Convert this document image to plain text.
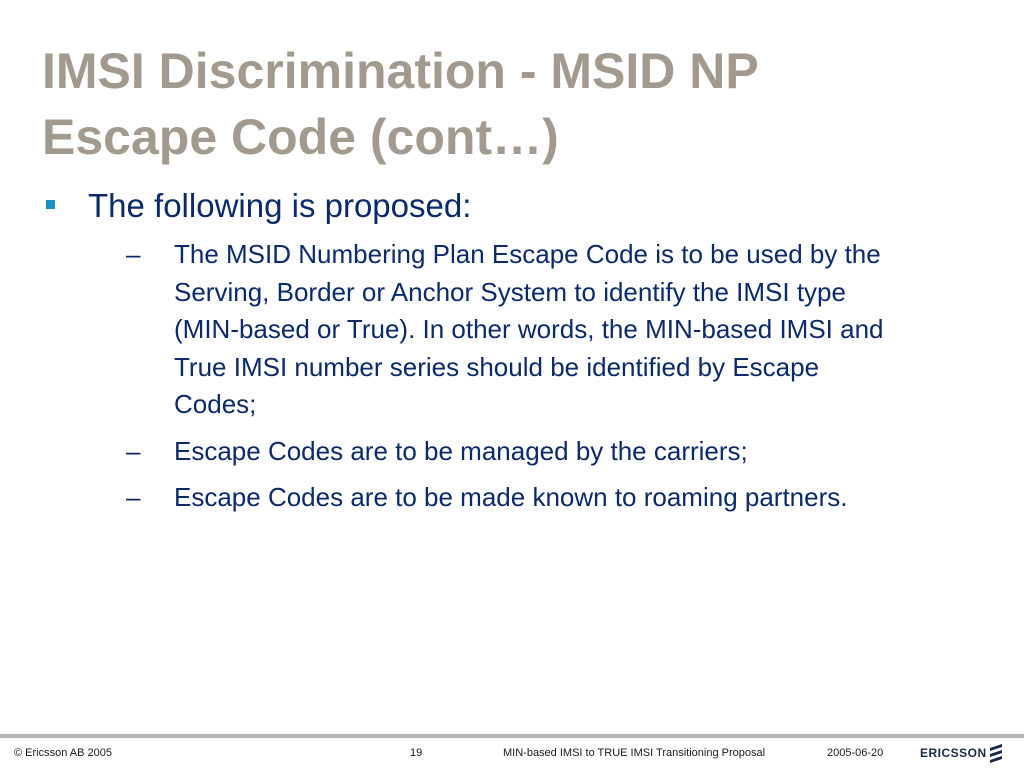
IMSI Discrimination - MSID NP
Escape Code (cont…)
The following is proposed:
– The MSID Numbering Plan Escape Code is to be used by the Serving, Border or Anchor System to identify the IMSI type (MIN-based or True). In other words, the MIN-based IMSI and True IMSI number series should be identified by Escape Codes;
– Escape Codes are to be managed by the carriers;
– Escape Codes are to be made known to roaming partners.
© Ericsson AB 2005	19	MIN-based IMSI to TRUE IMSI Transitioning Proposal	2005-06-20	ERICSSON
